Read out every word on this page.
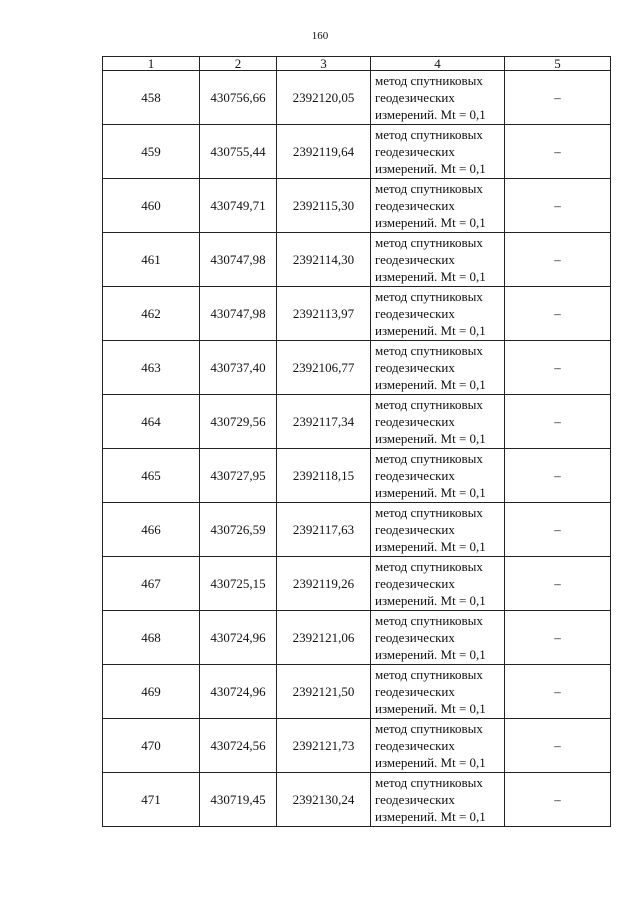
160
1	2	3	4	5
458	430756,66	2392120,05	метод спутниковых
геодезических
измерений. Mt = 0,1	–
459	430755,44	2392119,64	метод спутниковых
геодезических
измерений. Mt = 0,1	–
460	430749,71	2392115,30	метод спутниковых
геодезических
измерений. Mt = 0,1	–
461	430747,98	2392114,30	метод спутниковых
геодезических
измерений. Mt = 0,1	–
462	430747,98	2392113,97	метод спутниковых
геодезических
измерений. Mt = 0,1	–
463	430737,40	2392106,77	метод спутниковых
геодезических
измерений. Mt = 0,1	–
464	430729,56	2392117,34	метод спутниковых
геодезических
измерений. Mt = 0,1	–
465	430727,95	2392118,15	метод спутниковых
геодезических
измерений. Mt = 0,1	–
466	430726,59	2392117,63	метод спутниковых
геодезических
измерений. Mt = 0,1	–
467	430725,15	2392119,26	метод спутниковых
геодезических
измерений. Mt = 0,1	–
468	430724,96	2392121,06	метод спутниковых
геодезических
измерений. Mt = 0,1	–
469	430724,96	2392121,50	метод спутниковых
геодезических
измерений. Mt = 0,1	–
470	430724,56	2392121,73	метод спутниковых
геодезических
измерений. Mt = 0,1	–
471	430719,45	2392130,24	метод спутниковых
геодезических
измерений. Mt = 0,1	–
